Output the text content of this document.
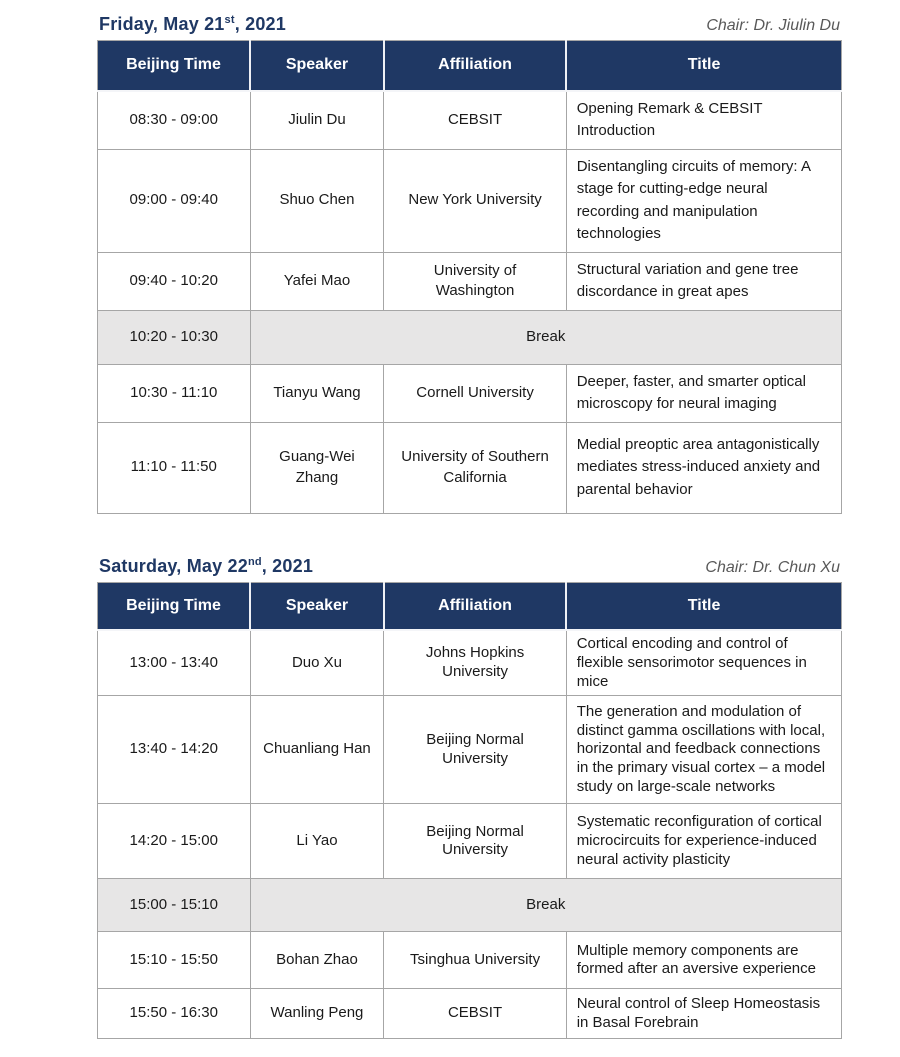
Friday, May 21st, 2021	Chair: Dr. Jiulin Du
Beijing Time	Speaker	Affiliation	Title
08:30 - 09:00	Jiulin Du	CEBSIT	Opening Remark & CEBSIT Introduction
09:00 - 09:40	Shuo Chen	New York University	Disentangling circuits of memory: A stage for cutting-edge neural recording and manipulation technologies
09:40 - 10:20	Yafei Mao	University of Washington	Structural variation and gene tree discordance in great apes
10:20 - 10:30	Break		
10:30 - 11:10	Tianyu Wang	Cornell University	Deeper, faster, and smarter optical microscopy for neural imaging
11:10 - 11:50	Guang-Wei Zhang	University of Southern California	Medial preoptic area antagonistically mediates stress-induced anxiety and parental behavior
Saturday, May 22nd, 2021	Chair: Dr. Chun Xu
Beijing Time	Speaker	Affiliation	Title
13:00 - 13:40	Duo Xu	Johns Hopkins University	Cortical encoding and control of flexible sensorimotor sequences in mice
13:40 - 14:20	Chuanliang Han	Beijing Normal University	The generation and modulation of distinct gamma oscillations with local, horizontal and feedback connections in the primary visual cortex – a model study on large-scale networks
14:20 - 15:00	Li Yao	Beijing Normal University	Systematic reconfiguration of cortical microcircuits for experience-induced neural activity plasticity
15:00 - 15:10	Break		
15:10 - 15:50	Bohan Zhao	Tsinghua University	Multiple memory components are formed after an aversive experience
15:50 - 16:30	Wanling Peng	CEBSIT	Neural control of Sleep Homeostasis in Basal Forebrain
